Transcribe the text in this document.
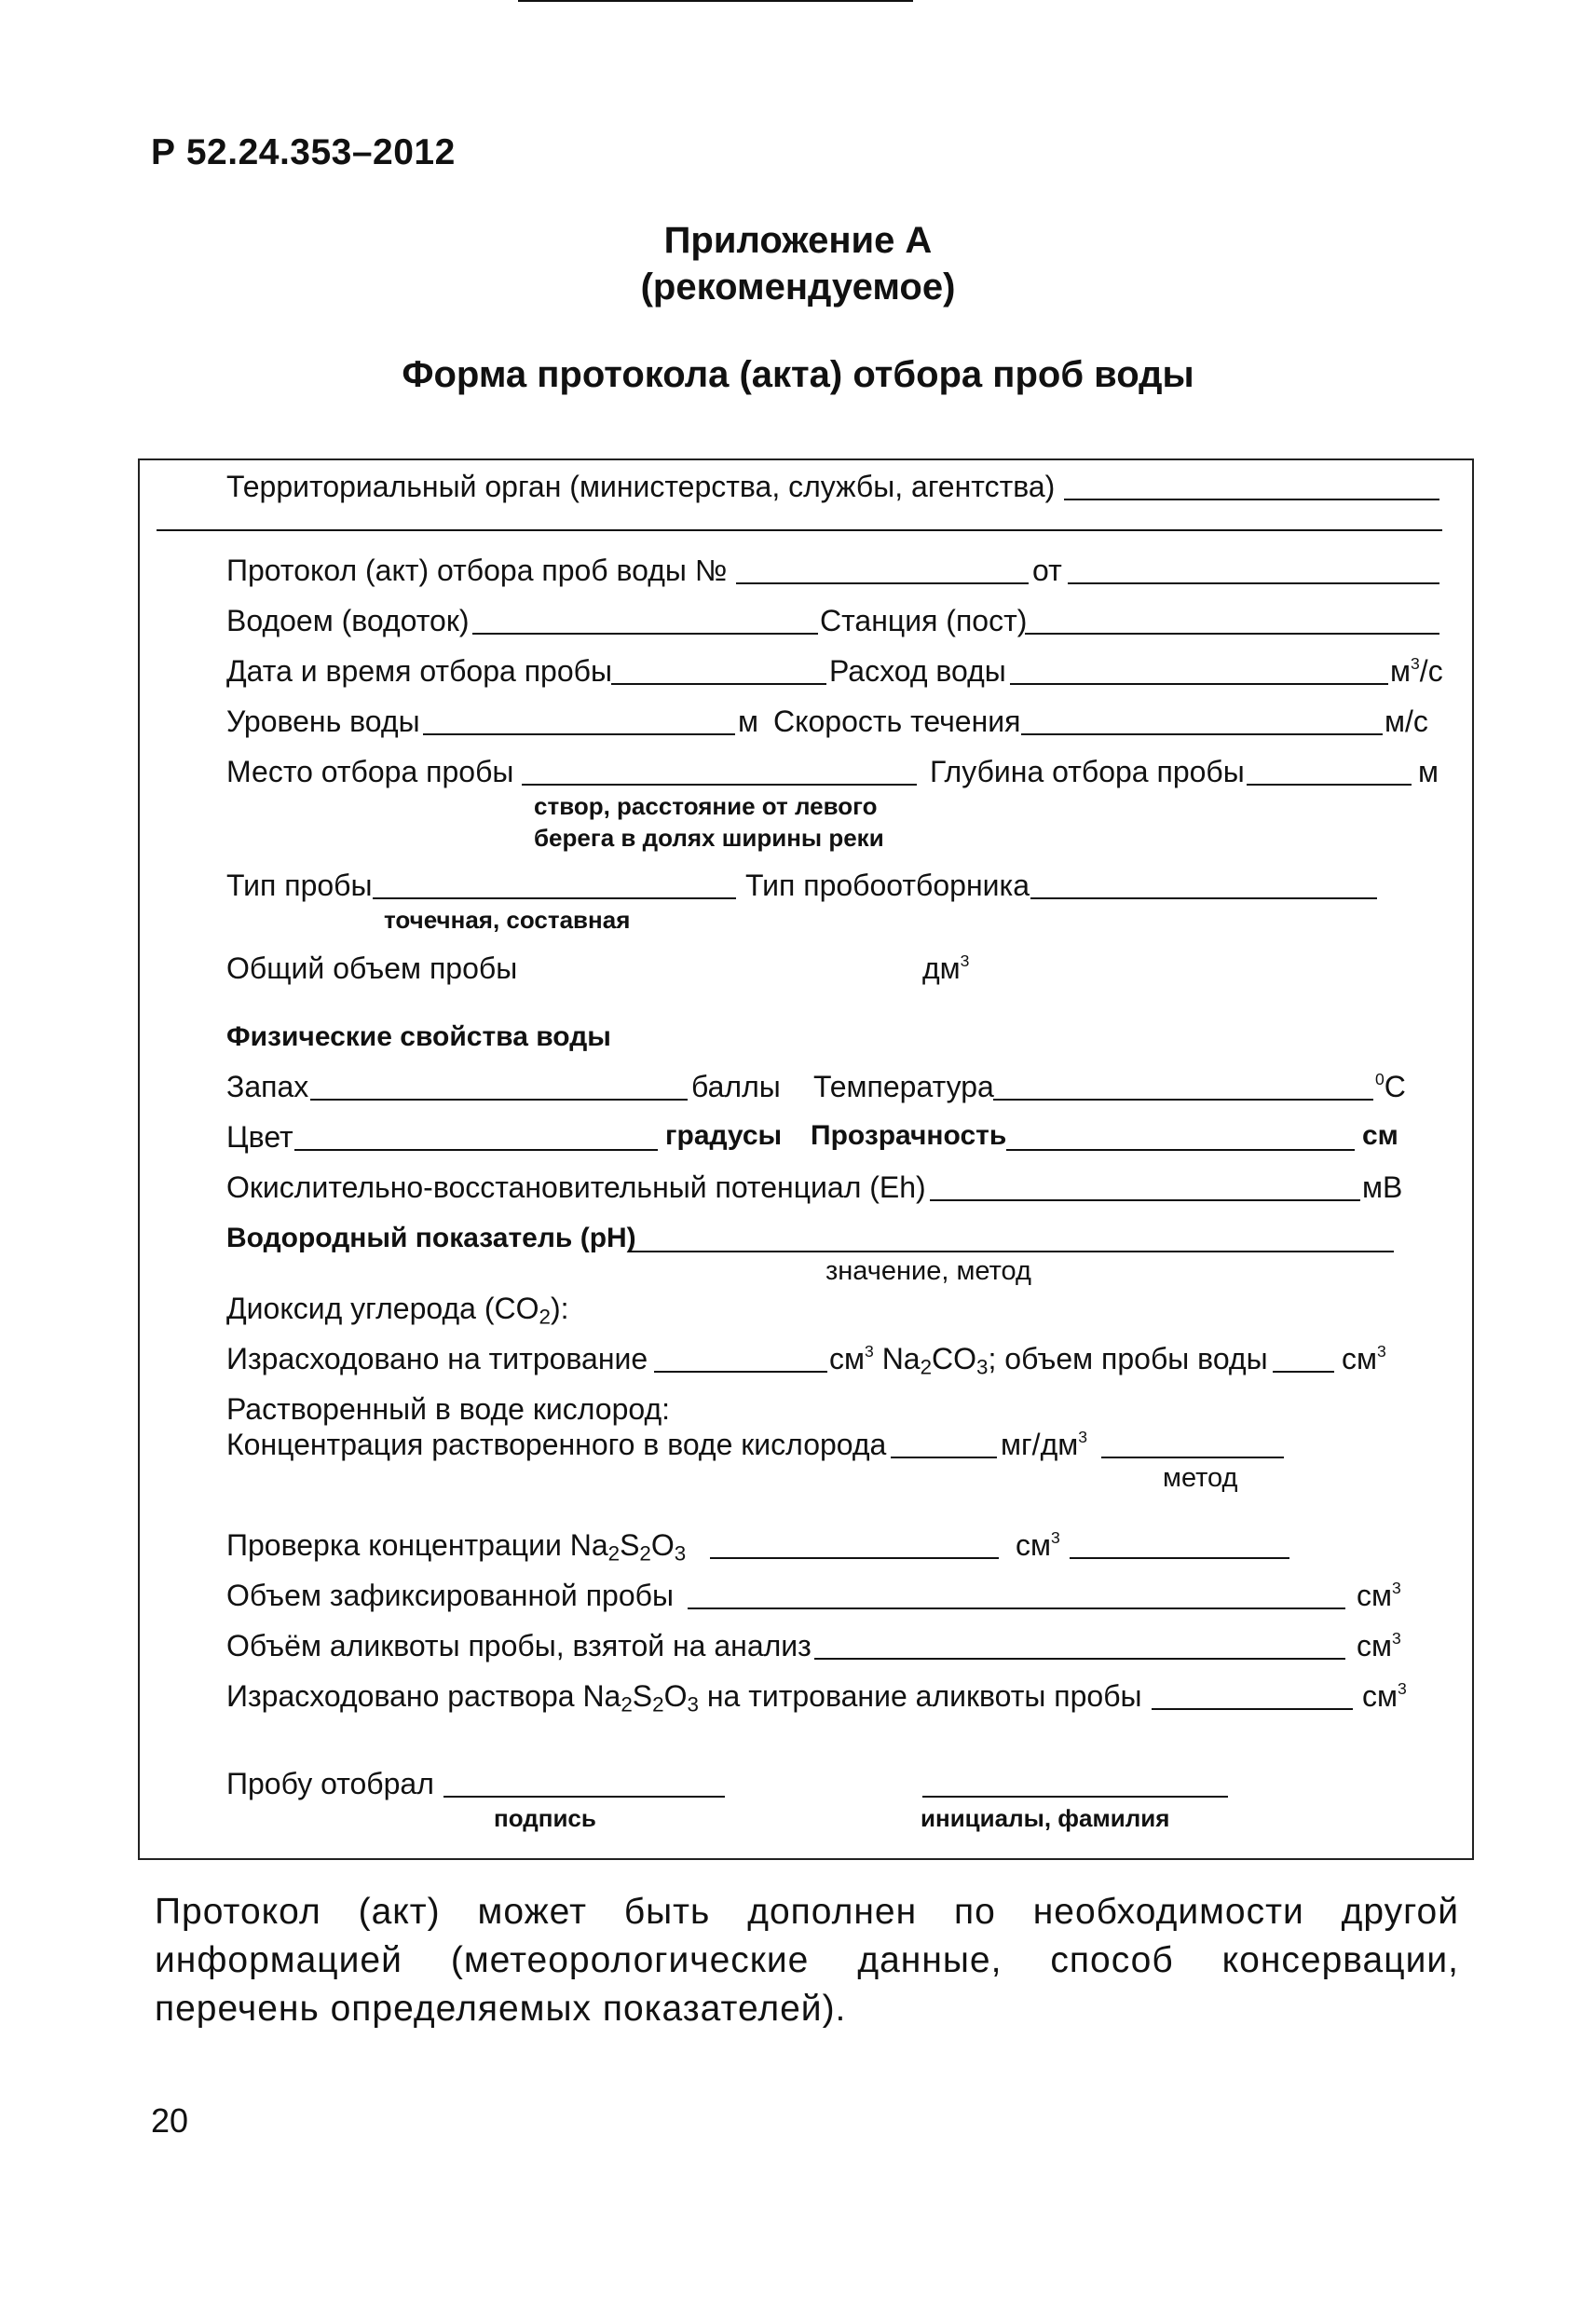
Р 52.24.353–2012
Приложение А
(рекомендуемое)
Форма протокола (акта) отбора проб воды
Территориальный орган (министерства, службы, агентства)
Протокол (акт) отбора проб воды №	от
Водоем (водоток)	Станция (пост)
Дата и время отбора пробы	Расход воды	$м^3/с$
Уровень воды	м Скорость течения	м/с
Место отбора пробы	Глубина отбора пробы	м
створ, расстояние от левого
берега в долях ширины реки
Тип пробы	Тип пробоотборника
точечная, составная
Общий объем пробы	$дм^3$
Физические свойства воды
Запах	баллы Температура	$^0$С
Цвет	градусы Прозрачность	см
Окислительно-восстановительный потенциал (Eh)	мВ
Водородный показатель (pH)
значение, метод
Диоксид углерода $(CO_2)$:
Израсходовано на титрование	$см^3$ $Na_2CO_3$; объем пробы воды $см^3$
Растворенный в воде кислород:
Концентрация растворенного в воде кислорода	$мг/дм^3$
метод
Проверка концентрации $Na_2S_2O_3$	$см^3$
Объем зафиксированной пробы	$см^3$
Объём аликвоты пробы, взятой на анализ	$см^3$
Израсходовано раствора $Na_2S_2O_3$ на титрование аликвоты пробы	$см^3$
Пробу отобрал
подпись	инициалы, фамилия
Протокол (акт) может быть дополнен по необходимости другой информацией (метеорологические данные, способ консервации, перечень определяемых показателей).
20
